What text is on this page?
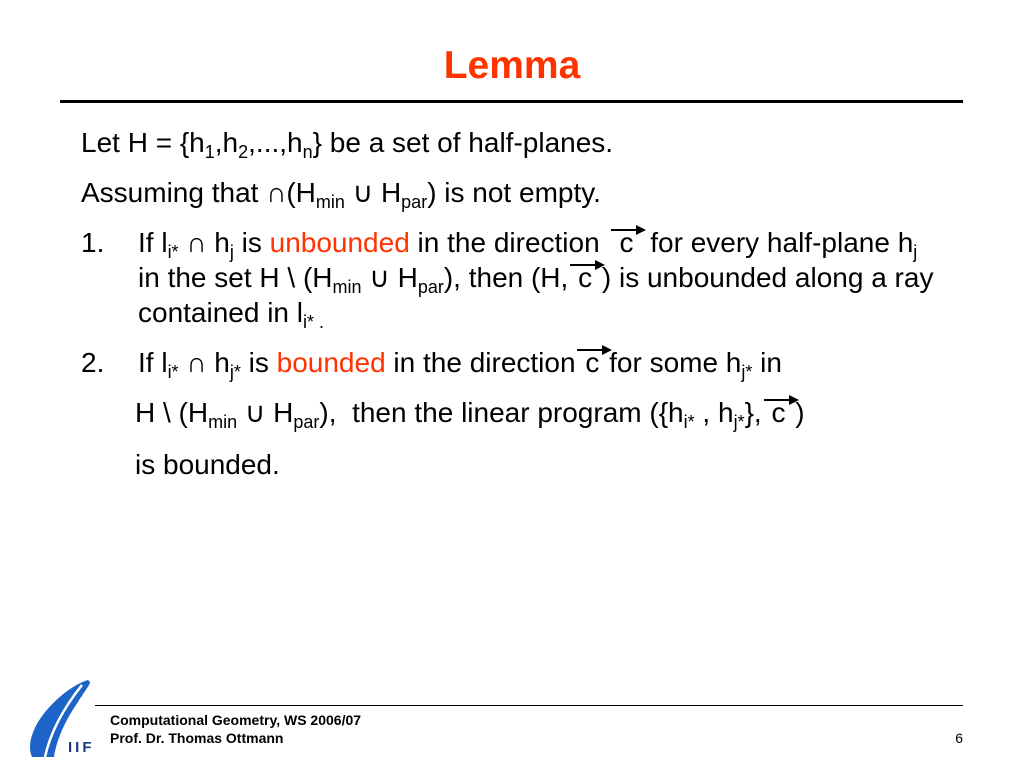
Lemma
Let H = {h1,h2,...,hn} be a set of half-planes.
Assuming that ∩(Hmin ∪ Hpar) is not empty.
1. If li* ∩ hj is unbounded in the direction c for every half-plane hj
in the set H \ (Hmin ∪ Hpar), then (H, c ) is unbounded along a ray
contained in li* .
2. If li* ∩ hj* is bounded in the direction c for some hj* in
H \ (Hmin ∪ Hpar),  then the linear program ({hi* , hj*}, c )
is bounded.
IIF
Computational Geometry, WS 2006/07
Prof. Dr. Thomas Ottmann	6
